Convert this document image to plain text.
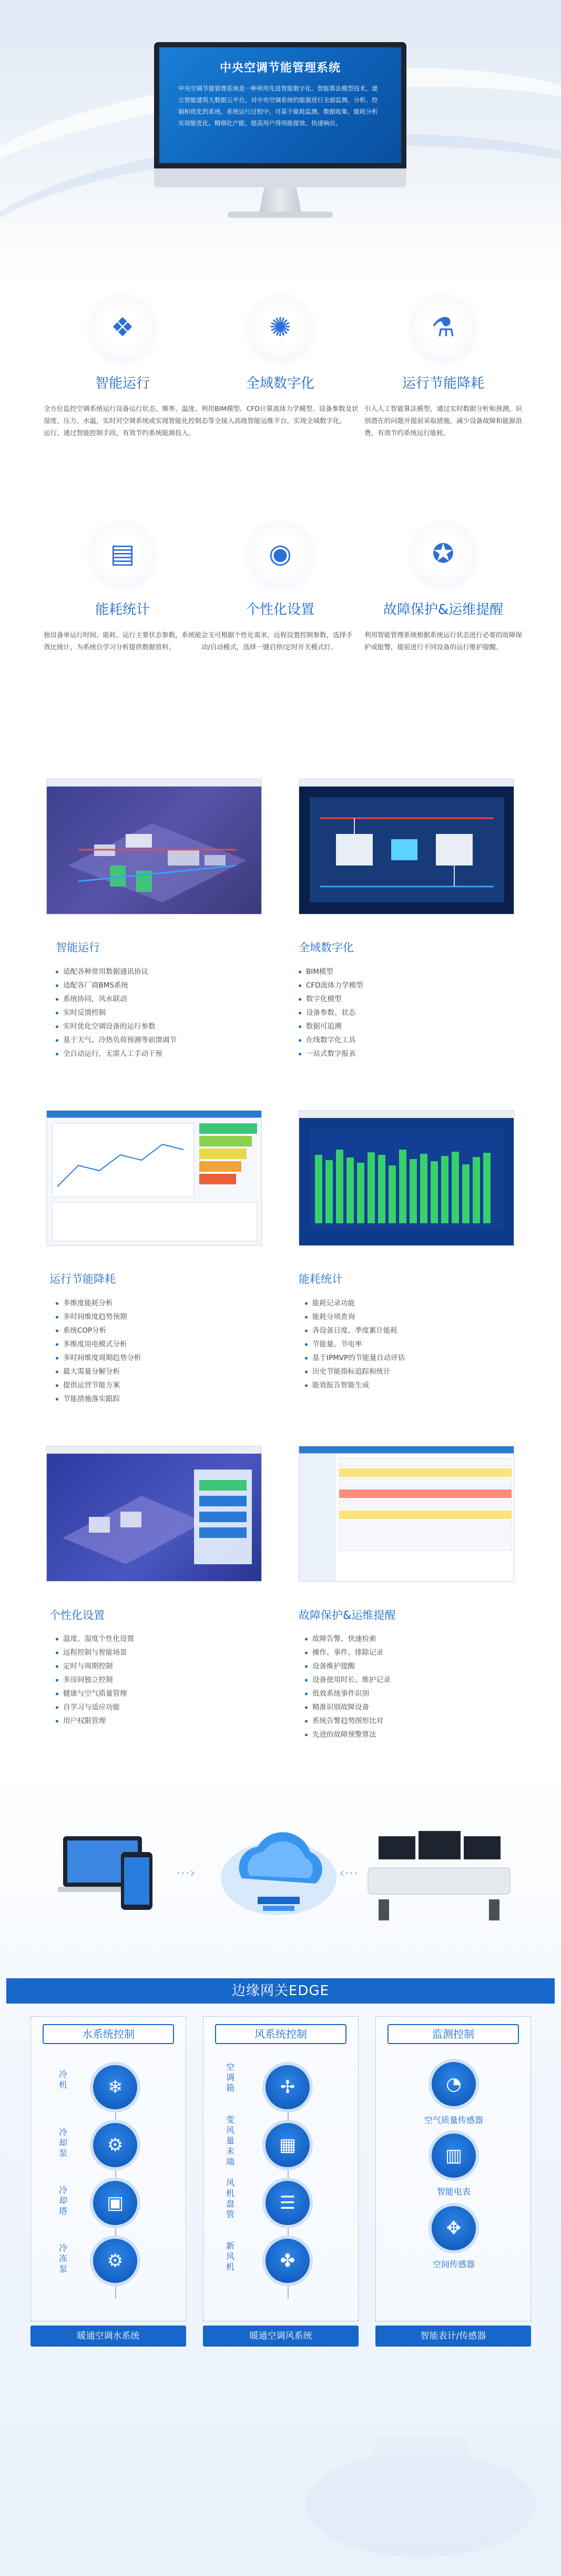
中央空调节能管理系统
中央空调节能管理系统是一种利用先进智能数字化、智能算法模型技术，建立智能建筑大数据云平台，对中央空调系统的能源进行全面监测、分析、控制和优化的系统。系统运行过程中，可基于能耗监测、数据收集、能耗分析实现能优化、精细化产能，提高用户得用能提效、快速响应。
❖
智能运行
全方位监控空调系统运行设备运行状态、频率、温度、湿度、压力、水温，实时对空调系统或实现智能化控制运行，通过智能控制手段，有效节约系统能源投入。
✺
全域数字化
利用BIM模型、CFD计算流体力学模型、设备参数及状态等全接入高级智能运维平台，实现全域数字化。
⚗
运行节能降耗
引入人工智能算法模型，通过实时数据分析和预测，识别潜在的问题并提前采取措施，减少设备故障和能源浪费，有效节约系统运行能耗。
▤
能耗统计
独设备单运行时间、能耗、运行主要状态参数，系统能效比统计，为系统自学习分析提供数据资料。
◉
个性化设置
会支可根据个性化需求，远程设置控制参数，选择手动/自动模式，选择一键启停/定时开关模式灯。
✪
故障保护&运维提醒
利用智能管理系统根据系统运行状态进行必要的故障保护或报警，提前进行不同设备的运行维护提醒。
智能运行
适配各种常用数据通讯协议
适配各厂商BMS系统
系统协同，风水联动
实时反馈控制
实时优化空调设备的运行参数
基于天气、冷热负荷预测等前馈调节
全自动运行，无需人工手动干预
全域数字化
BIM模型
CFD流体力学模型
数字化模型
设备参数、状态
数据可追溯
在线数字化工具
一站式数字报表
运行节能降耗
多维度能耗分析
多时间维度趋势预期
系统COP分析
多维度用电模式分析
多时间维度周期趋势分析
最大需量分解分析
提供运营节能方案
节能措施落实跟踪
能耗统计
能耗记录功能
能耗分项查询
各设备日度、季度累计能耗
节能量、节电率
基于IPMVP的节能量自动评估
历史节能指标追踪和统计
能效报告智能生成
个性化设置
温度、湿度个性化设置
远程控制与智能场景
定时与周期控制
多房间独立控制
健康与空气质量管理
自学习与适应功能
用户权限管理
故障保护&运维提醒
故障告警、快速检索
操作、事件、排除记录
设备维护提醒
设备使用时长、维护记录
低效系统事件识别
精准识别故障设备
系统告警趋势图形比对
先进的故障预警算法
⋯›	‹⋯
边缘网关EDGE
水系统控制
冷机	❄
冷却泵	⚙
冷却塔	▣
冷冻泵	⚙
风系统控制
空调箱	✢
变风量末端
▦
风机盘管
☰
新风机	✤
监测控制
◔
空气质量传感器
▥
智能电表
✥
空间传感器
暖通空调水系统	暖通空调风系统	智能表计/传感器
